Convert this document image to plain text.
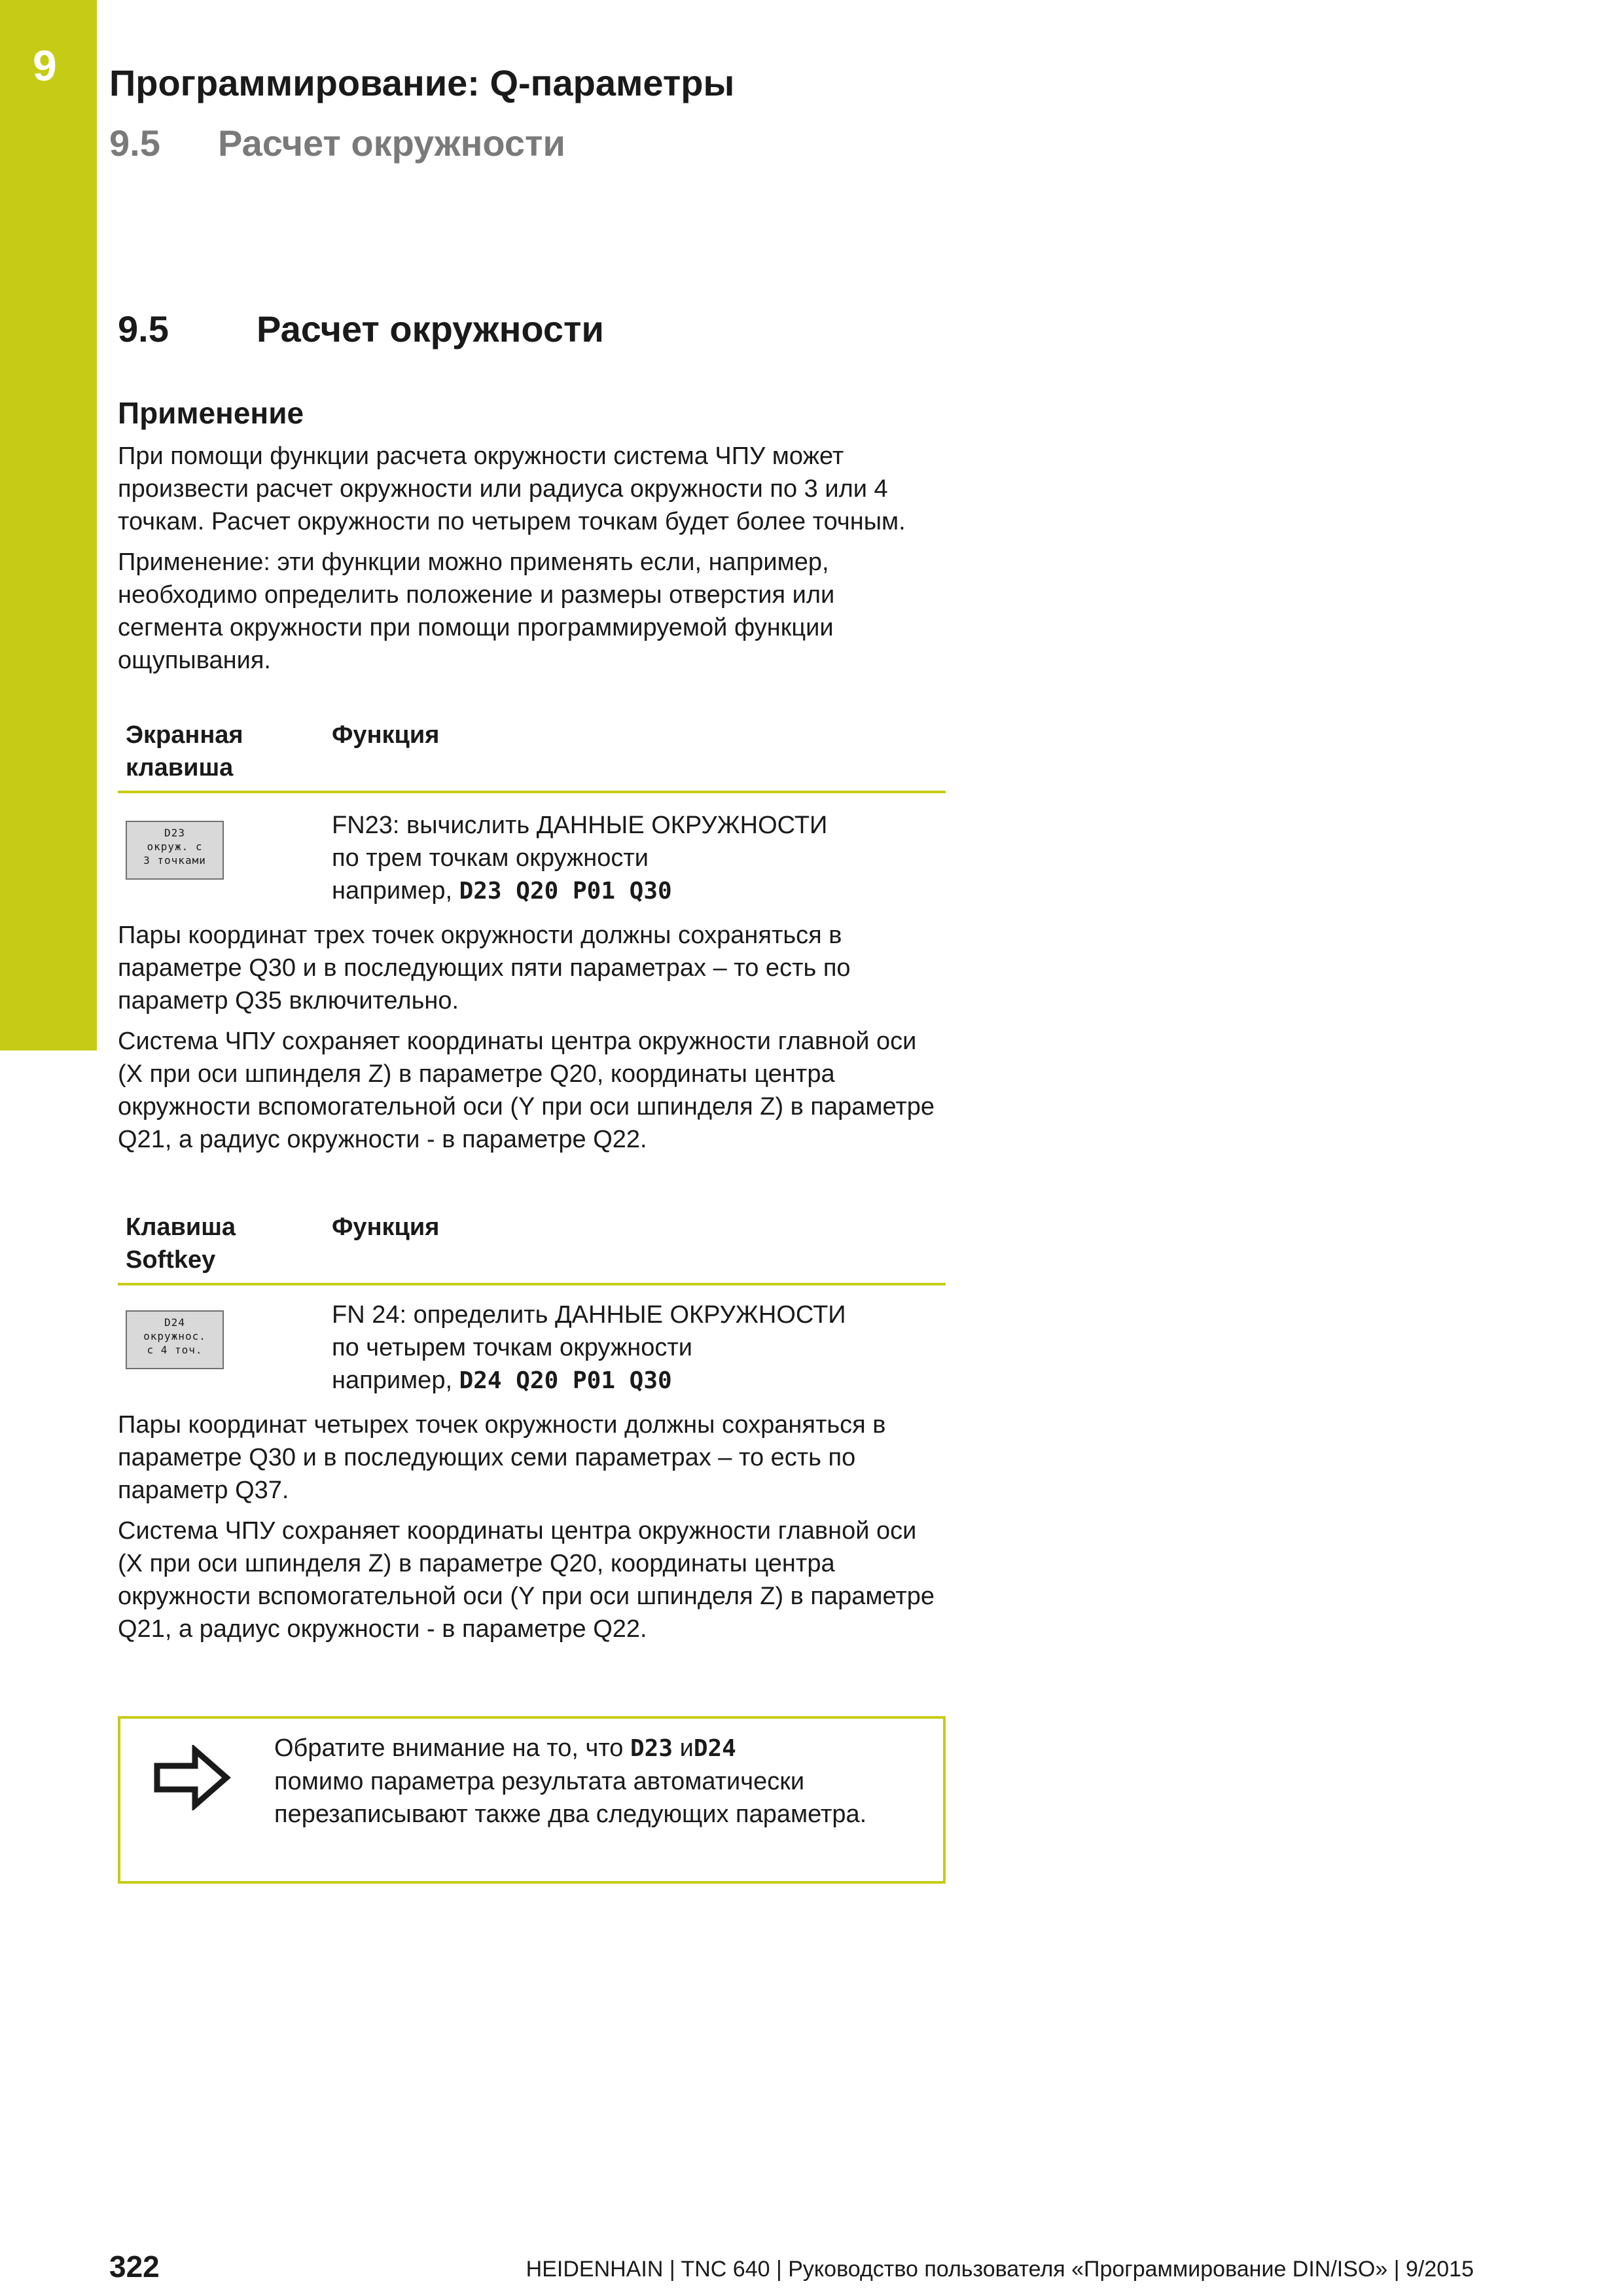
9 Программирование: Q-параметры
9.5 Расчет окружности
9.5 Расчет окружности
Применение

При помощи функции расчета окружности система ЧПУ может произвести расчет окружности или радиуса окружности по 3 или 4 точкам. Расчет окружности по четырем точкам будет более точным.

Применение: эти функции можно применять если, например, необходимо определить положение и размеры отверстия или сегмента окружности при помощи программируемой функции ощупывания.

Экранная
клавиша
Функция
D23
окруж. с
3 точками
FN23: вычислить ДАННЫЕ ОКРУЖНОСТИ
по трем точкам окружности
например, D23 Q20 P01 Q30

Пары координат трех точек окружности должны сохраняться в параметре Q30 и в последующих пяти параметрах – то есть по параметр Q35 включительно.

Система ЧПУ сохраняет координаты центра окружности главной оси (X при оси шпинделя Z) в параметре Q20, координаты центра окружности вспомогательной оси (Y при оси шпинделя Z) в параметре Q21, а радиус окружности - в параметре Q22.

Клавиша
Softkey
Функция
D24
окружнос.
с 4 точ.
FN 24: определить ДАННЫЕ ОКРУЖНОСТИ
по четырем точкам окружности
например, D24 Q20 P01 Q30

Пары координат четырех точек окружности должны сохраняться в параметре Q30 и в последующих семи параметрах – то есть по параметр Q37.

Система ЧПУ сохраняет координаты центра окружности главной оси (X при оси шпинделя Z) в параметре Q20, координаты центра окружности вспомогательной оси (Y при оси шпинделя Z) в параметре Q21, а радиус окружности - в параметре Q22.

Обратите внимание на то, что D23 иD24
помимо параметра результата автоматически перезаписывают также два следующих параметра.
322	HEIDENHAIN | TNC 640 | Руководство пользователя «Программирование DIN/ISO» | 9/2015
